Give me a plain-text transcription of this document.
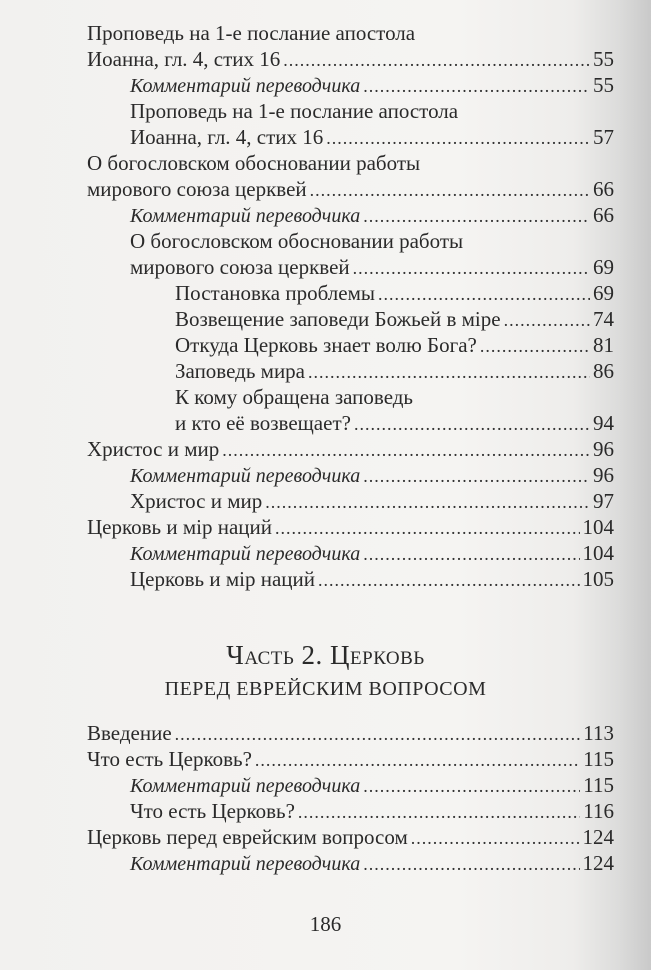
Проповедь на 1-е послание апостола
Иоанна, гл. 4, стих 16 .....	55
Комментарий переводчика .....	55
Проповедь на 1-е послание апостола
Иоанна, гл. 4, стих 16 .....	57
О богословском обосновании работы
мирового союза церквей .....	66
Комментарий переводчика .....	66
О богословском обосновании работы
мирового союза церквей .....	69
Постановка проблемы .....	69
Возвещение заповеди Божьей в міре .....	74
Откуда Церковь знает волю Бога? .....	81
Заповедь мира .....	86
К кому обращена заповедь
и кто её возвещает? .....	94
Христос и мир .....	96
Комментарий переводчика .....	96
Христос и мир .....	97
Церковь и мір наций .....	104
Комментарий переводчика .....	104
Церковь и мір наций .....	105
Часть 2. Церковь
ПЕРЕД ЕВРЕЙСКИМ ВОПРОСОМ
Введение .....	113
Что есть Церковь? .....	115
Комментарий переводчика .....	115
Что есть Церковь? .....	116
Церковь перед еврейским вопросом .....	124
Комментарий переводчика .....	124
186
